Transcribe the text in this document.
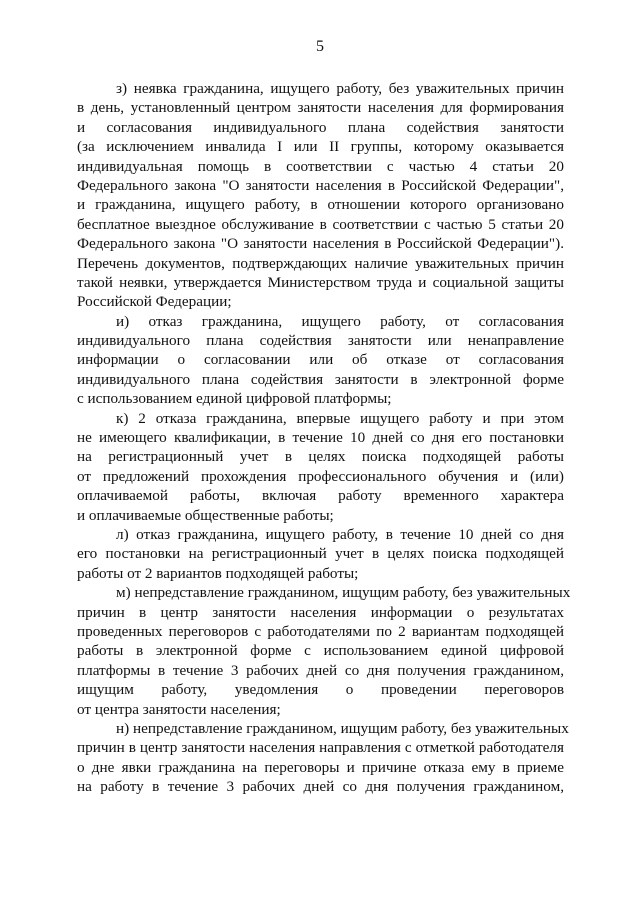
5
з) неявка гражданина, ищущего работу, без уважительных причин
в день, установленный центром занятости населения для формирования
и согласования индивидуального плана содействия занятости
(за исключением инвалида I или II группы, которому оказывается
индивидуальная помощь в соответствии с частью 4 статьи 20
Федерального закона "О занятости населения в Российской Федерации",
и гражданина, ищущего работу, в отношении которого организовано
бесплатное выездное обслуживание в соответствии с частью 5 статьи 20
Федерального закона "О занятости населения в Российской Федерации").
Перечень документов, подтверждающих наличие уважительных причин
такой неявки, утверждается Министерством труда и социальной защиты
Российской Федерации;
и) отказ гражданина, ищущего работу, от согласования
индивидуального плана содействия занятости или ненаправление
информации о согласовании или об отказе от согласования
индивидуального плана содействия занятости в электронной форме
с использованием единой цифровой платформы;
к) 2 отказа гражданина, впервые ищущего работу и при этом
не имеющего квалификации, в течение 10 дней со дня его постановки
на регистрационный учет в целях поиска подходящей работы
от предложений прохождения профессионального обучения и (или)
оплачиваемой работы, включая работу временного характера
и оплачиваемые общественные работы;
л) отказ гражданина, ищущего работу, в течение 10 дней со дня
его постановки на регистрационный учет в целях поиска подходящей
работы от 2 вариантов подходящей работы;
м) непредставление гражданином, ищущим работу, без уважительных
причин в центр занятости населения информации о результатах
проведенных переговоров с работодателями по 2 вариантам подходящей
работы в электронной форме с использованием единой цифровой
платформы в течение 3 рабочих дней со дня получения гражданином,
ищущим работу, уведомления о проведении переговоров
от центра занятости населения;
н) непредставление гражданином, ищущим работу, без уважительных
причин в центр занятости населения направления с отметкой работодателя
о дне явки гражданина на переговоры и причине отказа ему в приеме
на работу в течение 3 рабочих дней со дня получения гражданином,
